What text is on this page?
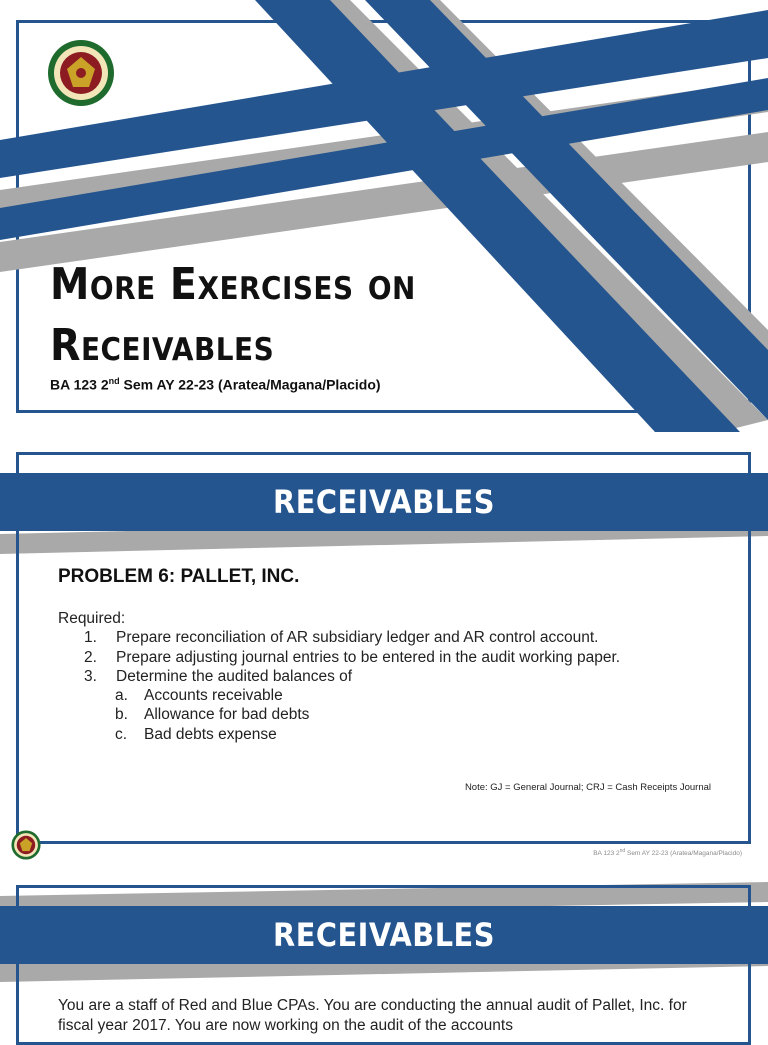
More Exercises on
Receivables
BA 123 2nd Sem AY 22-23 (Aratea/Magana/Placido)
RECEIVABLES
PROBLEM 6: PALLET, INC.
Required:
1. Prepare reconciliation of AR subsidiary ledger and AR control account.
2. Prepare adjusting journal entries to be entered in the audit working paper.
3. Determine the audited balances of
a. Accounts receivable
b. Allowance for bad debts
c. Bad debts expense
Note: GJ = General Journal; CRJ = Cash Receipts Journal
BA 123 2nd Sem AY 22-23 (Aratea/Magana/Placido)
RECEIVABLES
You are a staff of Red and Blue CPAs. You are conducting the annual audit of Pallet, Inc. for fiscal year 2017. You are now working on the audit of the accounts
